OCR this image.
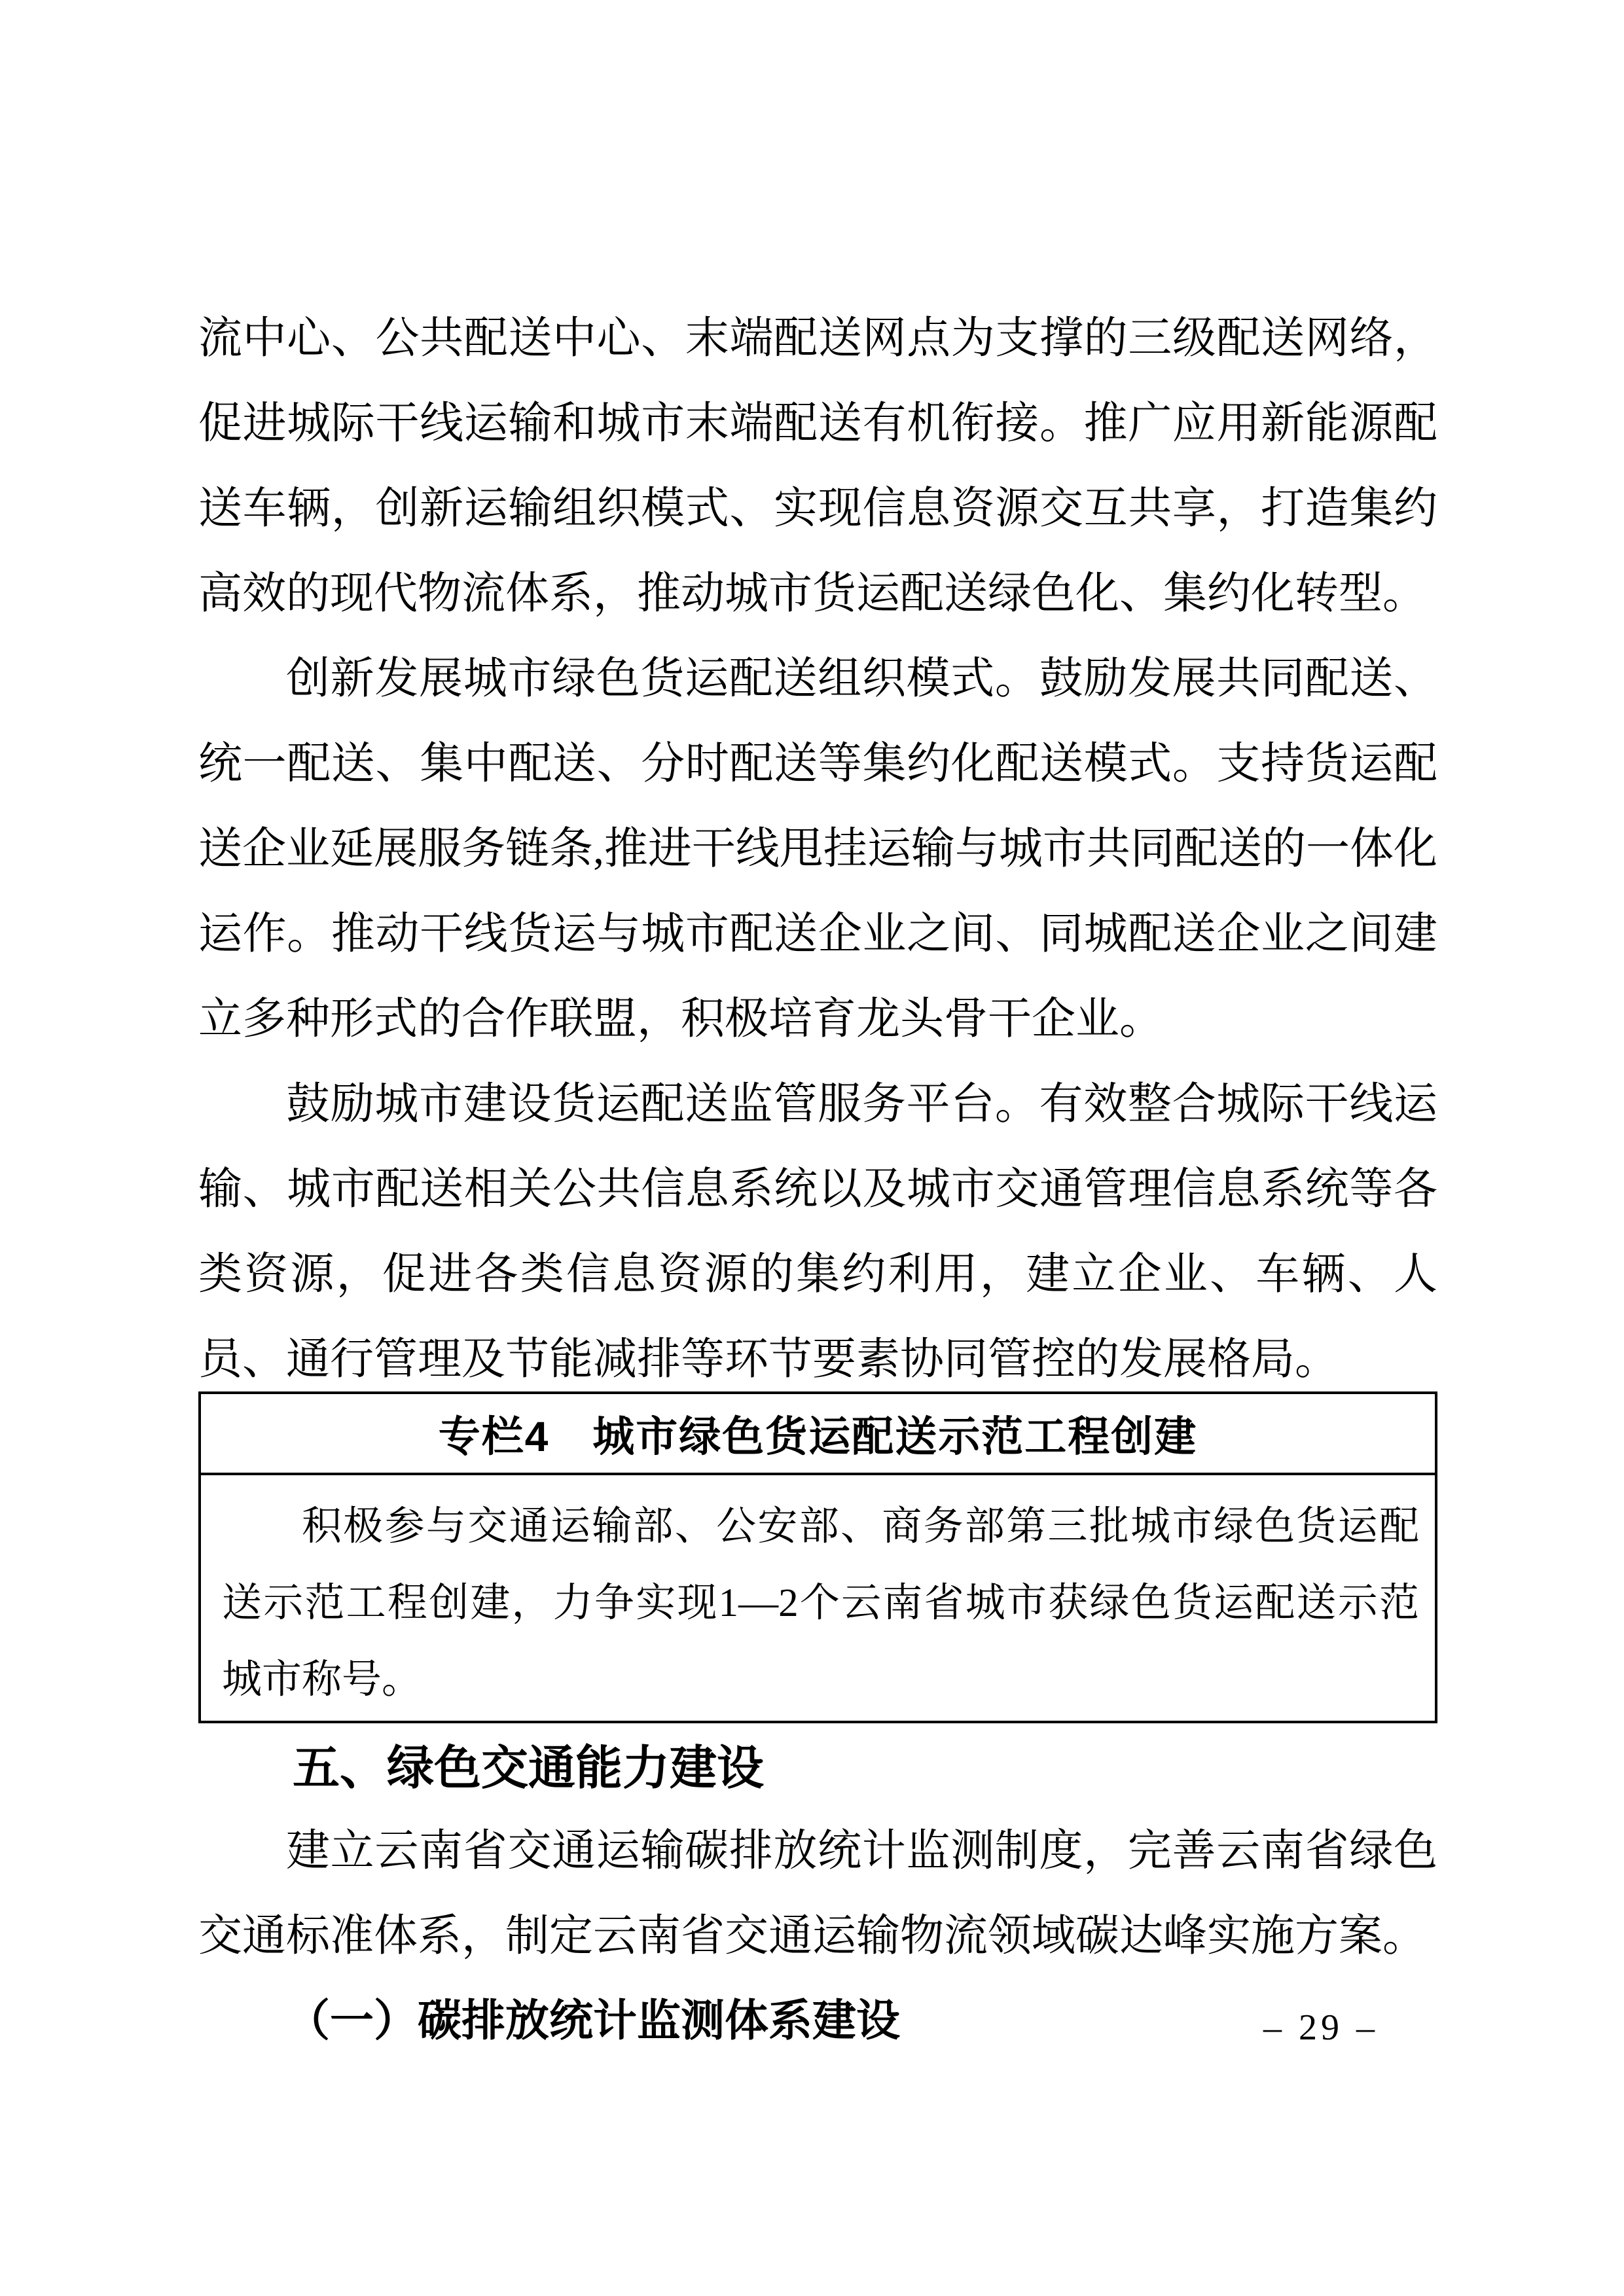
流中心、公共配送中心、末端配送网点为支撑的三级配送网络，促进城际干线运输和城市末端配送有机衔接。推广应用新能源配送车辆，创新运输组织模式、实现信息资源交互共享，打造集约高效的现代物流体系，推动城市货运配送绿色化、集约化转型。

创新发展城市绿色货运配送组织模式。鼓励发展共同配送、统一配送、集中配送、分时配送等集约化配送模式。支持货运配送企业延展服务链条,推进干线甩挂运输与城市共同配送的一体化运作。推动干线货运与城市配送企业之间、同城配送企业之间建立多种形式的合作联盟，积极培育龙头骨干企业。

鼓励城市建设货运配送监管服务平台。有效整合城际干线运输、城市配送相关公共信息系统以及城市交通管理信息系统等各类资源，促进各类信息资源的集约利用，建立企业、车辆、人员、通行管理及节能减排等环节要素协同管控的发展格局。

专栏4　城市绿色货运配送示范工程创建

积极参与交通运输部、公安部、商务部第三批城市绿色货运配送示范工程创建，力争实现1—2个云南省城市获绿色货运配送示范城市称号。

五、绿色交通能力建设

建立云南省交通运输碳排放统计监测制度，完善云南省绿色交通标准体系，制定云南省交通运输物流领域碳达峰实施方案。

（一）碳排放统计监测体系建设	– 29 –
